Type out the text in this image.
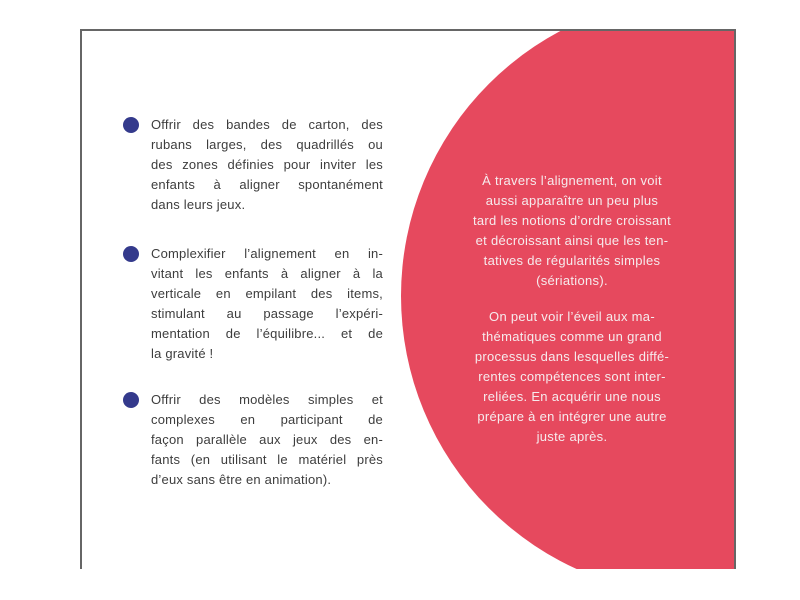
Offrir des bandes de carton, des
rubans larges, des quadrillés ou
des zones définies pour inviter les
enfants à aligner spontanément
dans leurs jeux.
Complexifier l’alignement en in-
vitant les enfants à aligner à la
verticale en empilant des items,
stimulant au passage l’expéri-
mentation de l’équilibre... et de
la gravité !
Offrir des modèles simples et
complexes en participant de
façon parallèle aux jeux des en-
fants (en utilisant le matériel près
d’eux sans être en animation).
À travers l’alignement, on voit
aussi apparaître un peu plus
tard les notions d’ordre croissant
et décroissant ainsi que les ten-
tatives de régularités simples
(sériations).
On peut voir l’éveil aux ma-
thématiques comme un grand
processus dans lesquelles diffé-
rentes compétences sont inter-
reliées. En acquérir une nous
prépare à en intégrer une autre
juste après.
